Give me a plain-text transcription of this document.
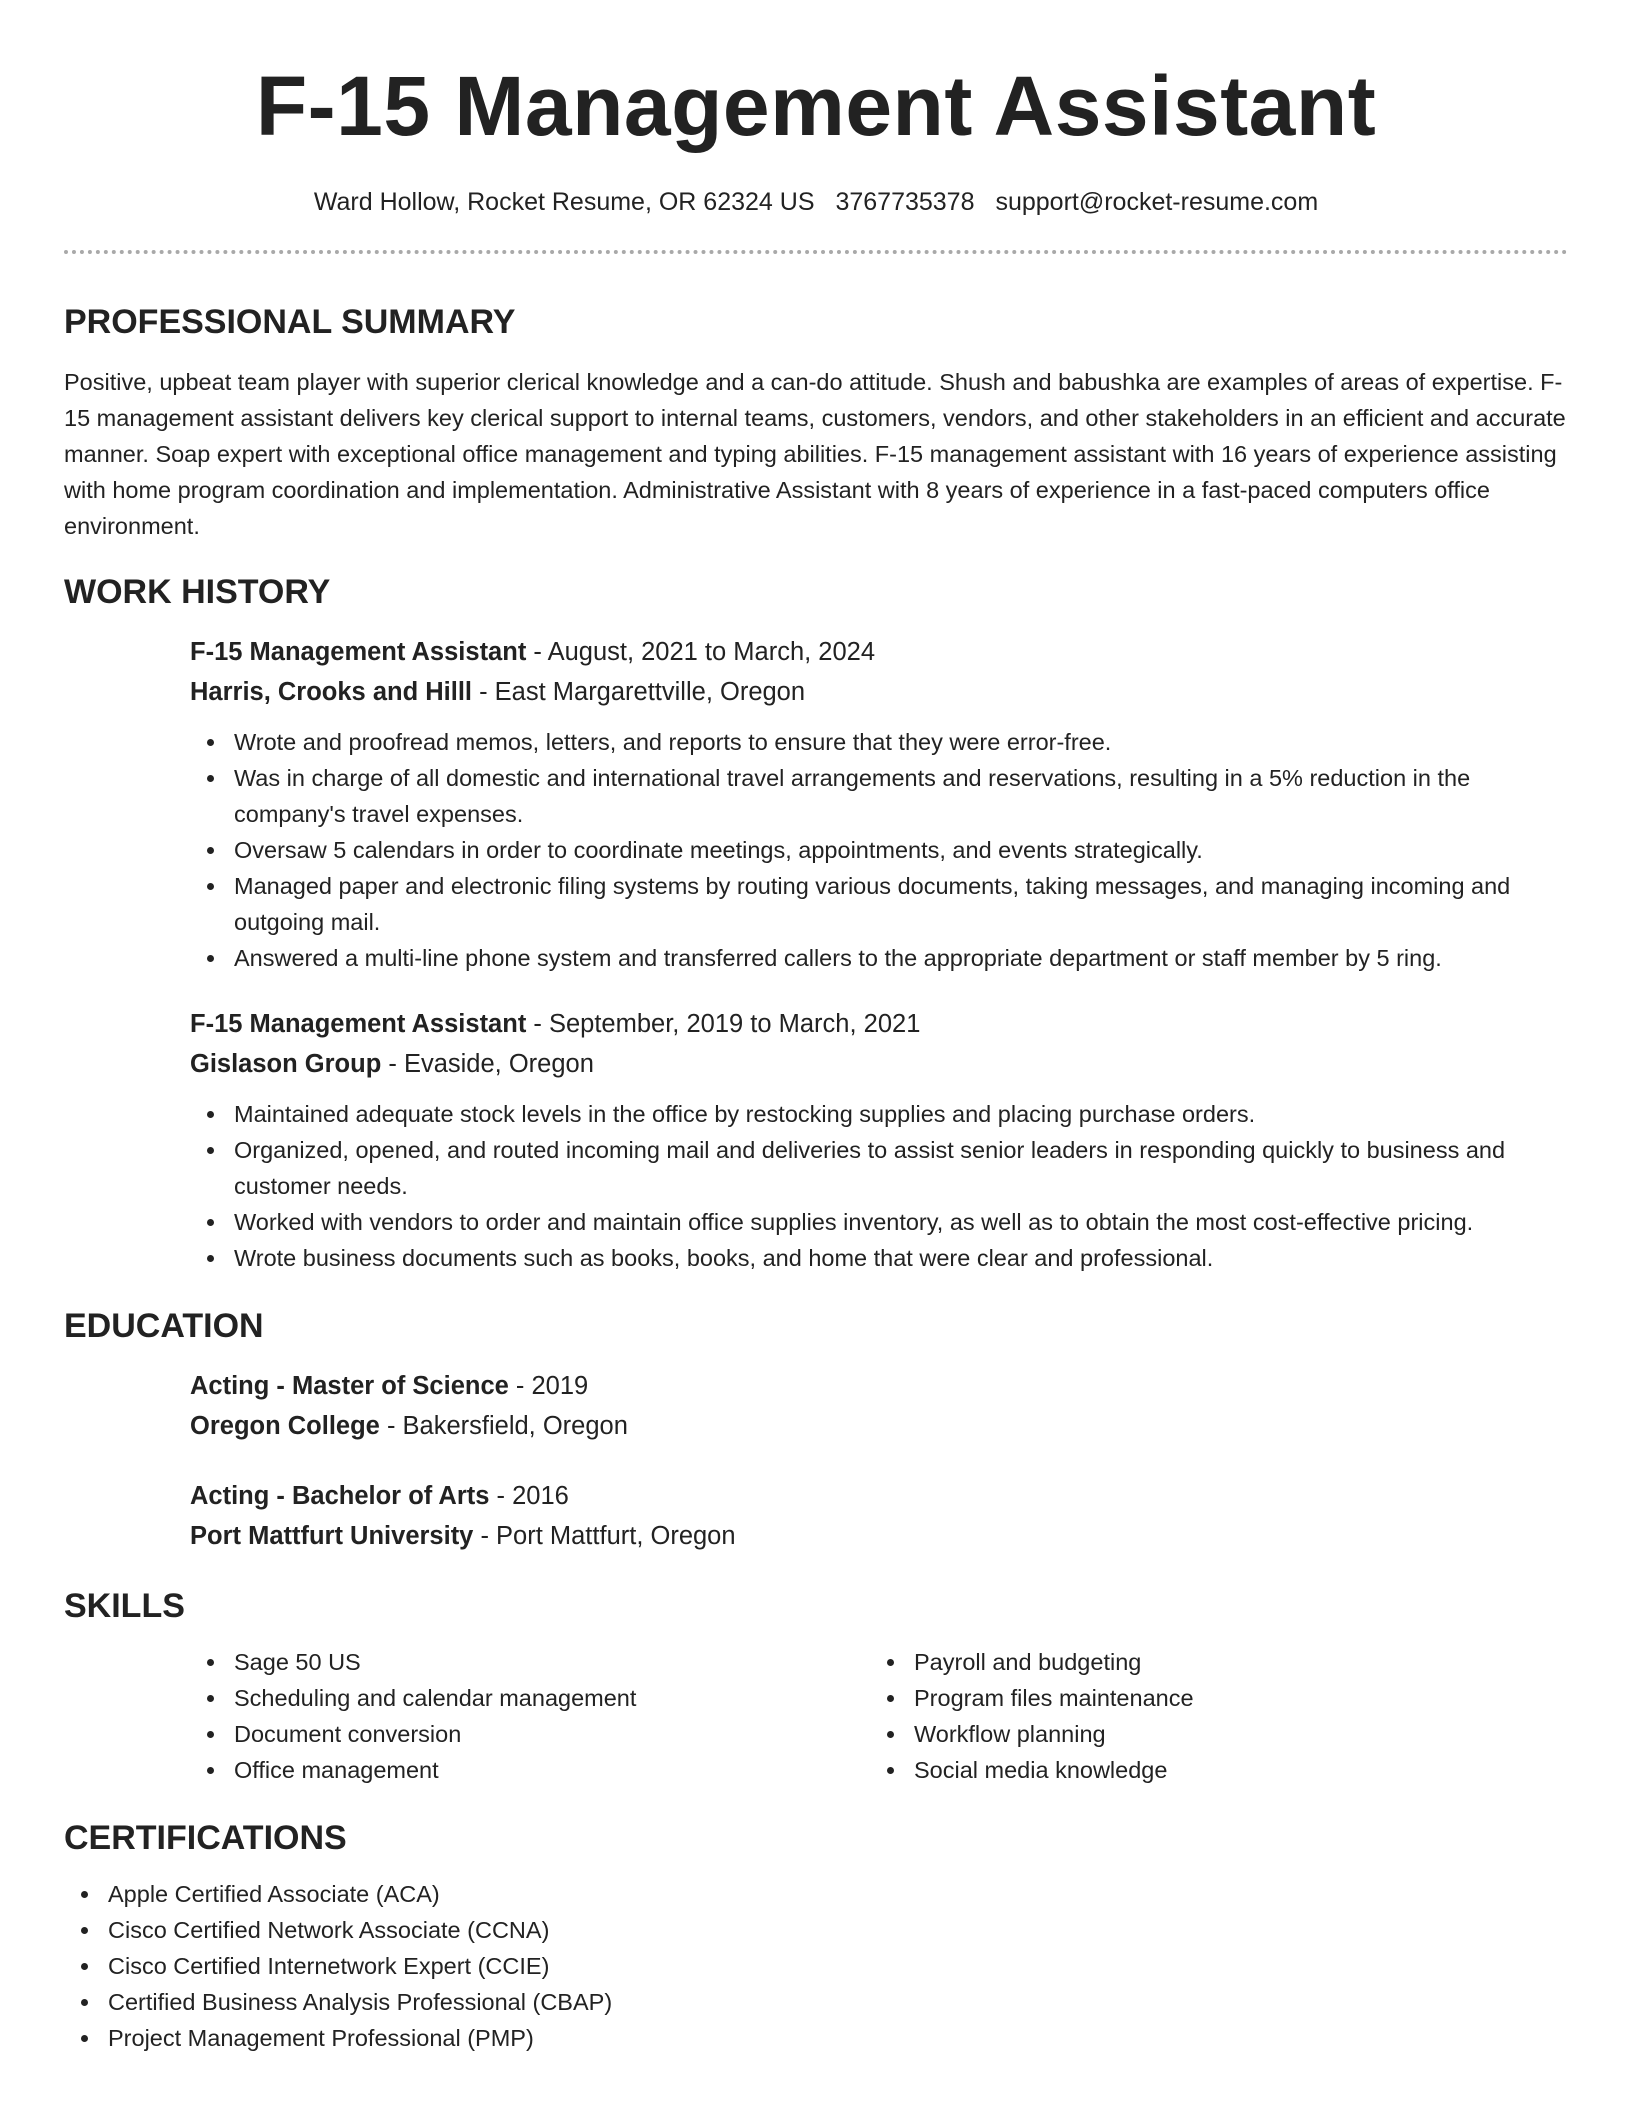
F-15 Management Assistant
Ward Hollow, Rocket Resume, OR 62324 US 3767735378 support@rocket-resume.com
PROFESSIONAL SUMMARY

Positive, upbeat team player with superior clerical knowledge and a can-do attitude. Shush and babushka are examples of areas of expertise. F-15 management assistant delivers key clerical support to internal teams, customers, vendors, and other stakeholders in an efficient and accurate manner. Soap expert with exceptional office management and typing abilities. F-15 management assistant with 16 years of experience assisting with home program coordination and implementation. Administrative Assistant with 8 years of experience in a fast-paced computers office environment.

WORK HISTORY
F-15 Management Assistant - August, 2021 to March, 2024
Harris, Crooks and Hilll - East Margarettville, Oregon
Wrote and proofread memos, letters, and reports to ensure that they were error-free.
Was in charge of all domestic and international travel arrangements and reservations, resulting in a 5% reduction in the company's travel expenses.
Oversaw 5 calendars in order to coordinate meetings, appointments, and events strategically.
Managed paper and electronic filing systems by routing various documents, taking messages, and managing incoming and outgoing mail.
Answered a multi-line phone system and transferred callers to the appropriate department or staff member by 5 ring.
F-15 Management Assistant - September, 2019 to March, 2021
Gislason Group - Evaside, Oregon
Maintained adequate stock levels in the office by restocking supplies and placing purchase orders.
Organized, opened, and routed incoming mail and deliveries to assist senior leaders in responding quickly to business and customer needs.
Worked with vendors to order and maintain office supplies inventory, as well as to obtain the most cost-effective pricing.
Wrote business documents such as books, books, and home that were clear and professional.
EDUCATION
Acting - Master of Science - 2019
Oregon College - Bakersfield, Oregon
Acting - Bachelor of Arts - 2016
Port Mattfurt University - Port Mattfurt, Oregon
SKILLS
Sage 50 US
Scheduling and calendar management
Document conversion
Office management
Payroll and budgeting
Program files maintenance
Workflow planning
Social media knowledge
CERTIFICATIONS
Apple Certified Associate (ACA)
Cisco Certified Network Associate (CCNA)
Cisco Certified Internetwork Expert (CCIE)
Certified Business Analysis Professional (CBAP)
Project Management Professional (PMP)
